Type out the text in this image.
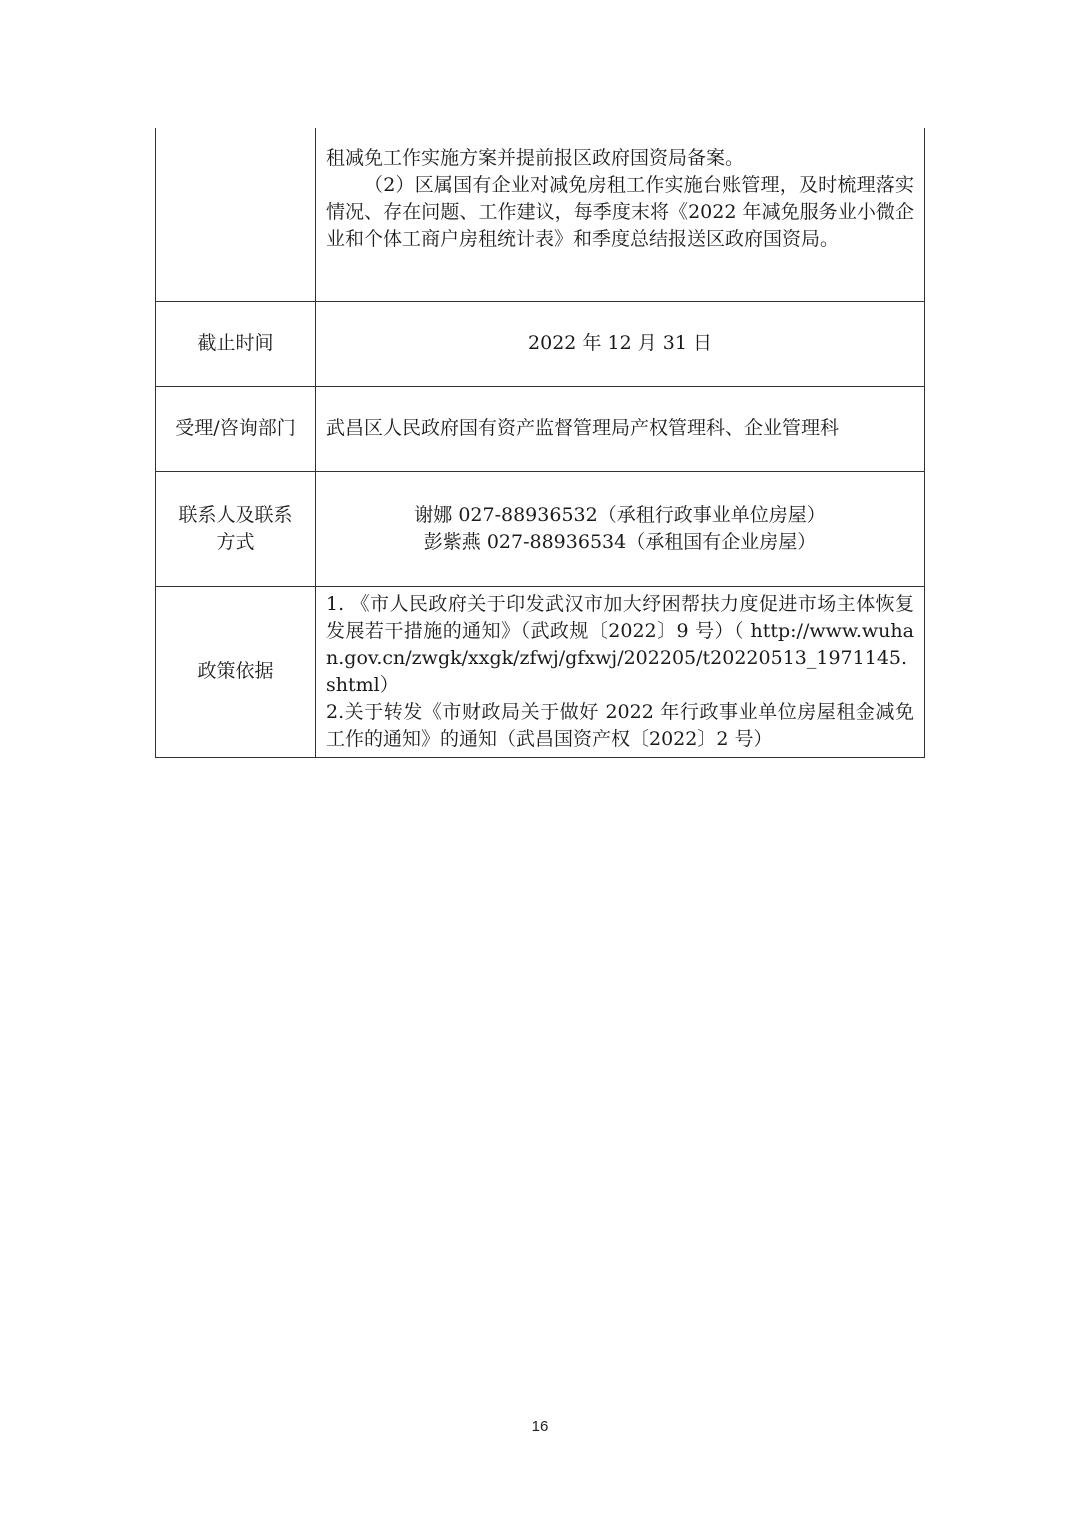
	租减免工作实施方案并提前报区政府国资局备案。

（2）区属国有企业对减免房租工作实施台账管理，及时梳理落实情况、存在问题、工作建议，每季度末将《2022 年减免服务业小微企业和个体工商户房租统计表》和季度总结报送区政府国资局。

截止时间	2022 年 12 月 31 日

受理/咨询部门	武昌区人民政府国有资产监督管理局产权管理科、企业管理科

联系人及联系方式	谢娜 027-88936532（承租行政事业单位房屋）
彭紫燕 027-88936534（承租国有企业房屋）

政策依据	1. 《市人民政府关于印发武汉市加大纾困帮扶力度促进市场主体恢复发展若干措施的通知》（武政规〔2022〕9 号）（ http://www.wuhan.gov.cn/zwgk/xxgk/zfwj/gfxwj/202205/t20220513_1971145.shtml）

2.关于转发《市财政局关于做好 2022 年行政事业单位房屋租金减免工作的通知》的通知（武昌国资产权〔2022〕2 号）

16
